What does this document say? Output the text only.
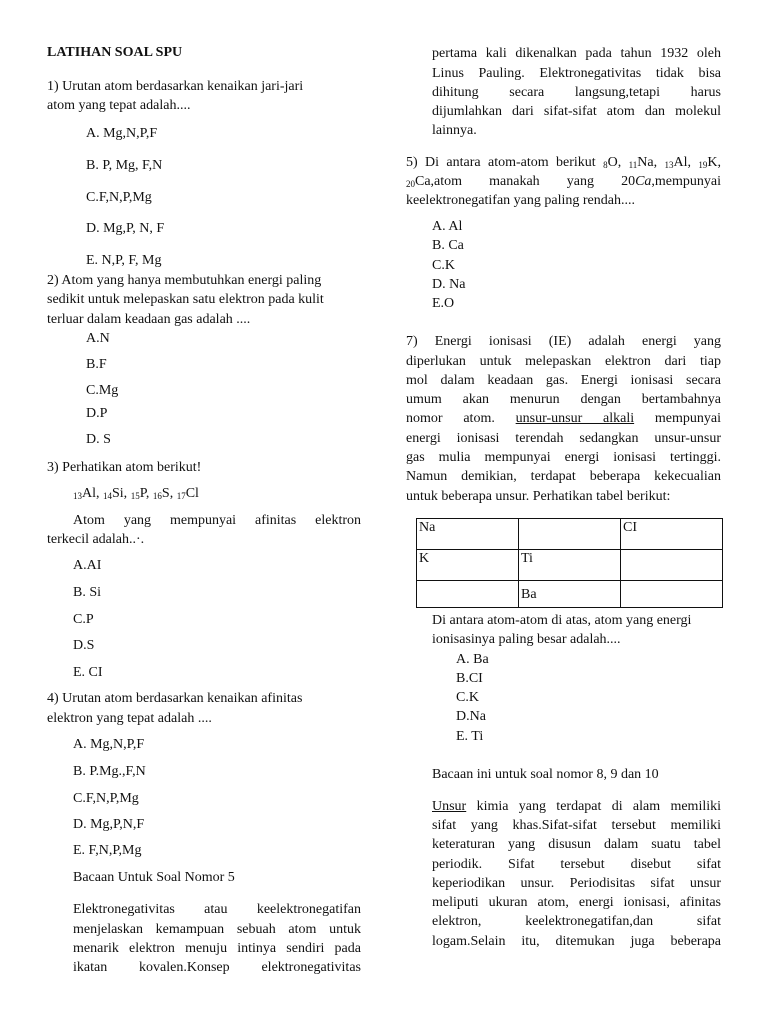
LATIHAN SOAL SPU
1) Urutan atom berdasarkan kenaikan jari-jari
atom yang tepat adalah....
A. Mg,N,P,F
B. P, Mg, F,N
C.F,N,P,Mg
D. Mg,P, N, F
E. N,P, F, Mg
2) Atom yang hanya membutuhkan energi paling
sedikit untuk melepaskan satu elektron pada kulit
terluar dalam keadaan gas adalah ....
A.N
B.F
C.Mg
D.P
D. S
3) Perhatikan atom berikut!
$_{13}$Al, $_{14}$Si, $_{15}$P, $_{16}$S, $_{17}$Cl
Atom yang mempunyai afinitas elektron
terkecil adalah..·.
A.AI
B. Si
C.P
D.S
E. CI
4) Urutan atom berdasarkan kenaikan afinitas
elektron yang tepat adalah ....
A. Mg,N,P,F
B. P.Mg.,F,N
C.F,N,P,Mg
D. Mg,P,N,F
E. F,N,P,Mg
Bacaan Untuk Soal Nomor 5
Elektronegativitas atau keelektronegatifan
menjelaskan kemampuan sebuah atom untuk
menarik elektron menuju intinya sendiri pada
ikatan kovalen.Konsep elektronegativitas
pertama kali dikenalkan pada tahun 1932 oleh
Linus Pauling. Elektronegativitas tidak bisa
dihitung secara langsung,tetapi harus
dijumlahkan dari sifat-sifat atom dan molekul
lainnya.
5) Di antara atom-atom berikut $_8$O, $_{11}$Na, $_{13}$Al, $_{19}$K,
$_{20}$Ca,atom manakah yang 20Ca,mempunyai
keelektronegatifan yang paling rendah....
A. Al
B. Ca
C.K
D. Na
E.O
7) Energi ionisasi (IE) adalah energi yang
diperlukan untuk melepaskan elektron dari tiap
mol dalam keadaan gas. Energi ionisasi secara
umum akan menurun dengan bertambahnya
nomor atom. unsur-unsur alkali mempunyai
energi ionisasi terendah sedangkan unsur-unsur
gas mulia mempunyai energi ionisasi tertinggi.
Namun demikian, terdapat beberapa kekecualian
untuk beberapa unsur. Perhatikan tabel berikut:
Na		CI
K	Ti	
	Ba	
Di antara atom-atom di atas, atom yang energi
ionisasinya paling besar adalah....
A. Ba
B.CI
C.K
D.Na
E. Ti
Bacaan ini untuk soal nomor 8, 9 dan 10
Unsur kimia yang terdapat di alam memiliki
sifat yang khas.Sifat-sifat tersebut memiliki
keteraturan yang disusun dalam suatu tabel
periodik. Sifat tersebut disebut sifat
keperiodikan unsur. Periodisitas sifat unsur
meliputi ukuran atom, energi ionisasi, afinitas
elektron, keelektronegatifan,dan sifat
logam.Selain itu, ditemukan juga beberapa
